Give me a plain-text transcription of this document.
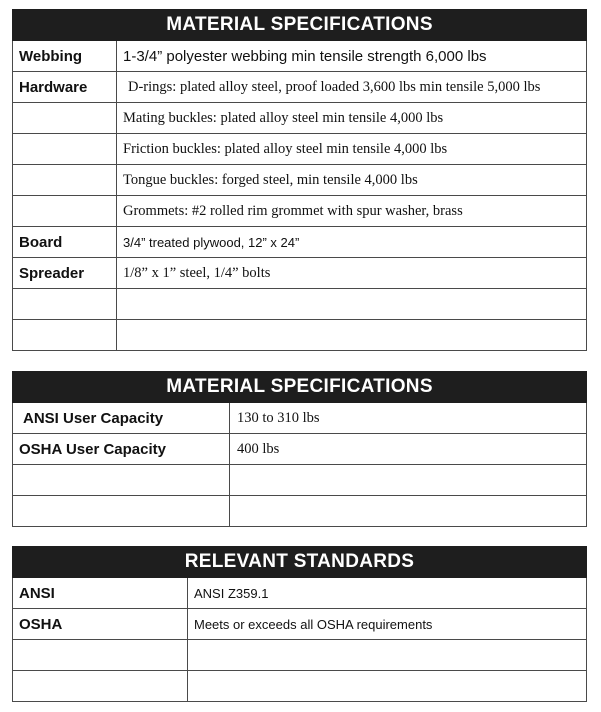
MATERIAL SPECIFICATIONS	
Webbing	1-3/4” polyester webbing min tensile strength 6,000 lbs
Hardware	D-rings: plated alloy steel, proof loaded 3,600 lbs min tensile 5,000 lbs
	Mating buckles: plated alloy steel min tensile 4,000 lbs
	Friction buckles: plated alloy steel min tensile 4,000 lbs
	Tongue buckles: forged steel, min tensile 4,000 lbs
	Grommets: #2 rolled rim grommet with spur washer, brass
Board	3/4” treated plywood, 12” x 24”
Spreader	1/8” x 1” steel, 1/4” bolts

MATERIAL SPECIFICATIONS	
ANSI User Capacity	130 to 310 lbs
OSHA User Capacity	400 lbs

RELEVANT STANDARDS	
ANSI	ANSI Z359.1
OSHA	Meets or exceeds all OSHA requirements
